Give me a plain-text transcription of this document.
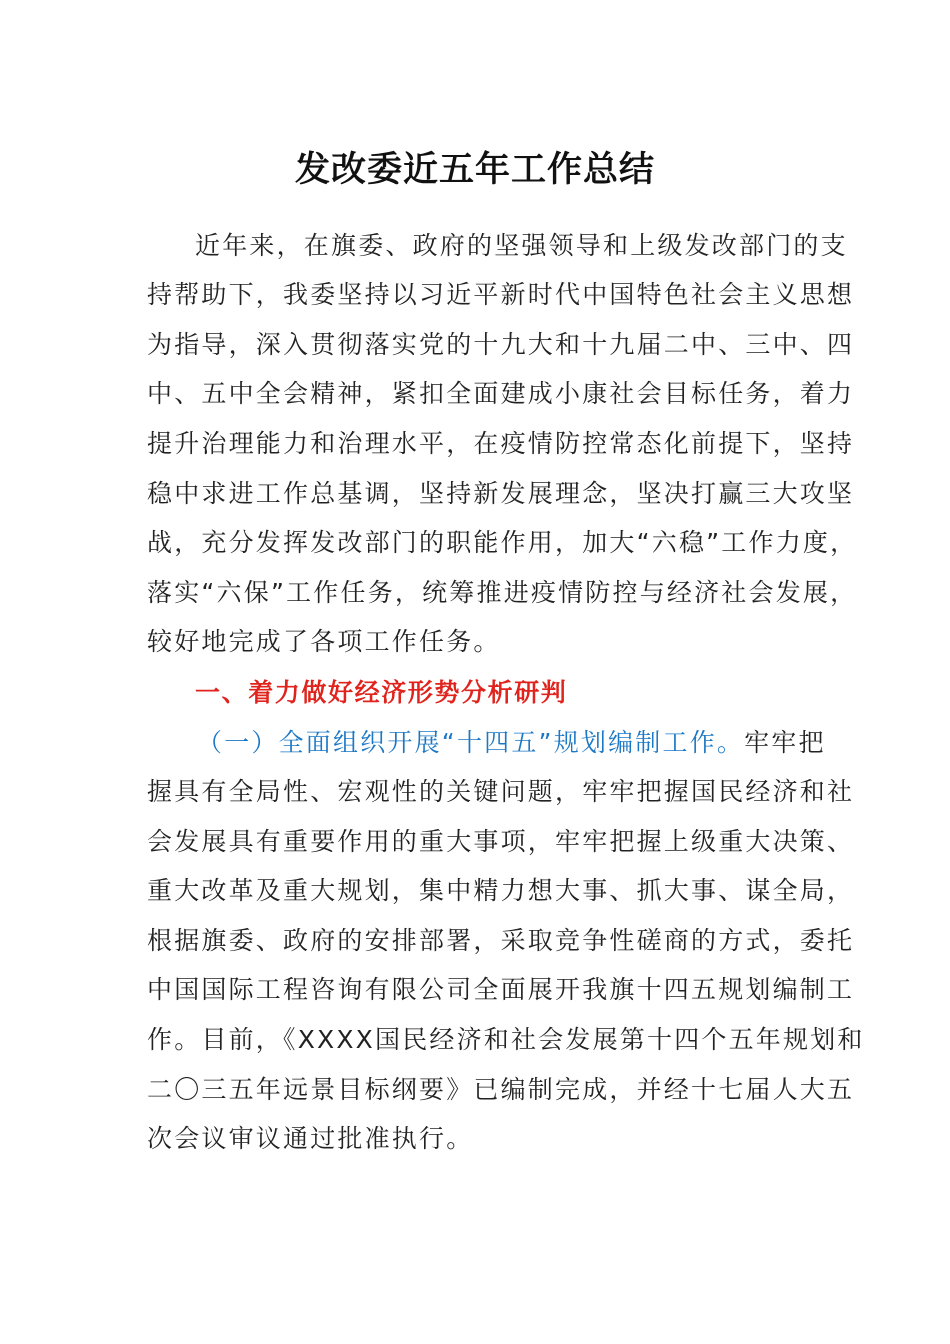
发改委近五年工作总结
近年来，在旗委、政府的坚强领导和上级发改部门的支
持帮助下，我委坚持以习近平新时代中国特色社会主义思想
为指导，深入贯彻落实党的十九大和十九届二中、三中、四
中、五中全会精神，紧扣全面建成小康社会目标任务，着力
提升治理能力和治理水平，在疫情防控常态化前提下，坚持
稳中求进工作总基调，坚持新发展理念，坚决打赢三大攻坚
战，充分发挥发改部门的职能作用，加大“六稳”工作力度，
落实“六保”工作任务，统筹推进疫情防控与经济社会发展，
较好地完成了各项工作任务。
一、着力做好经济形势分析研判
（一）全面组织开展“十四五”规划编制工作。牢牢把
握具有全局性、宏观性的关键问题，牢牢把握国民经济和社
会发展具有重要作用的重大事项，牢牢把握上级重大决策、
重大改革及重大规划，集中精力想大事、抓大事、谋全局，
根据旗委、政府的安排部署，采取竞争性磋商的方式，委托
中国国际工程咨询有限公司全面展开我旗十四五规划编制工
作。目前，《XXXX国民经济和社会发展第十四个五年规划和
二〇三五年远景目标纲要》已编制完成，并经十七届人大五
次会议审议通过批准执行。
